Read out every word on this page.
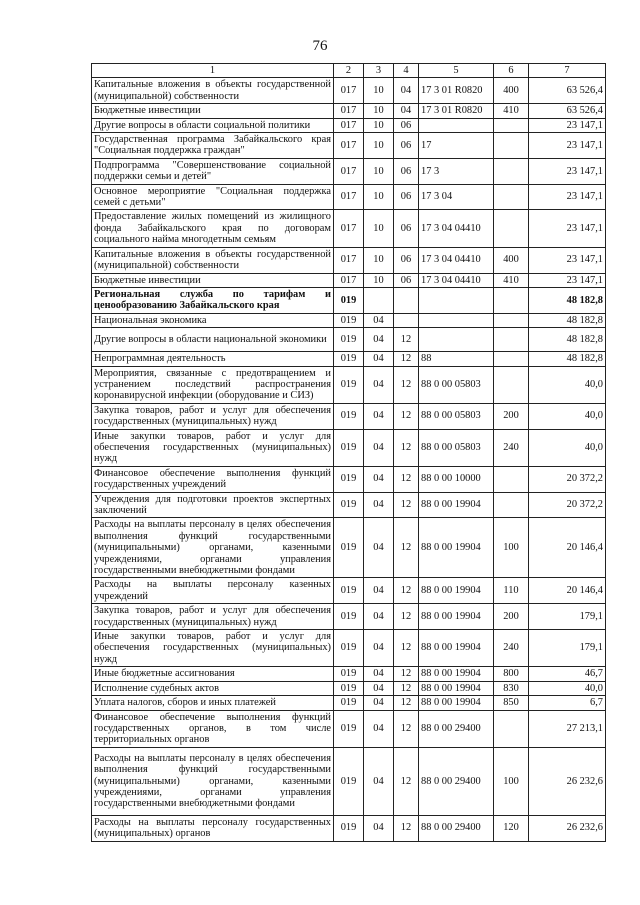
76
1	2	3	4	5	6	7
Капитальные вложения в объекты государственной (муниципальной) собственности	017	10	04	17 3 01 R0820	400	63 526,4
Бюджетные инвестиции	017	10	04	17 3 01 R0820	410	63 526,4
Другие вопросы в области социальной политики	017	10	06			23 147,1
Государственная программа Забайкальского края "Социальная поддержка граждан"	017	10	06	17		23 147,1
Подпрограмма "Совершенствование социальной поддержки семьи и детей"	017	10	06	17 3		23 147,1
Основное мероприятие "Социальная поддержка семей с детьми"	017	10	06	17 3 04		23 147,1
Предоставление жилых помещений из жилищного фонда Забайкальского края по договорам социального найма многодетным семьям	017	10	06	17 3 04 04410		23 147,1
Капитальные вложения в объекты государственной (муниципальной) собственности	017	10	06	17 3 04 04410	400	23 147,1
Бюджетные инвестиции	017	10	06	17 3 04 04410	410	23 147,1
Региональная служба по тарифам и ценообразованию Забайкальского края	019					48 182,8
Национальная экономика	019	04				48 182,8
Другие вопросы в области национальной экономики	019	04	12			48 182,8
Непрограммная деятельность	019	04	12	88		48 182,8
Мероприятия, связанные с предотвращением и устранением последствий распространения коронавирусной инфекции (оборудование и СИЗ)	019	04	12	88 0 00 05803		40,0
Закупка товаров, работ и услуг для обеспечения государственных (муниципальных) нужд	019	04	12	88 0 00 05803	200	40,0
Иные закупки товаров, работ и услуг для обеспечения государственных (муниципальных) нужд	019	04	12	88 0 00 05803	240	40,0
Финансовое обеспечение выполнения функций государственных учреждений	019	04	12	88 0 00 10000		20 372,2
Учреждения для подготовки проектов экспертных заключений	019	04	12	88 0 00 19904		20 372,2
Расходы на выплаты персоналу в целях обеспечения выполнения функций государственными (муниципальными) органами, казенными учреждениями, органами управления государственными внебюджетными фондами	019	04	12	88 0 00 19904	100	20 146,4
Расходы на выплаты персоналу казенных учреждений	019	04	12	88 0 00 19904	110	20 146,4
Закупка товаров, работ и услуг для обеспечения государственных (муниципальных) нужд	019	04	12	88 0 00 19904	200	179,1
Иные закупки товаров, работ и услуг для обеспечения государственных (муниципальных) нужд	019	04	12	88 0 00 19904	240	179,1
Иные бюджетные ассигнования	019	04	12	88 0 00 19904	800	46,7
Исполнение судебных актов	019	04	12	88 0 00 19904	830	40,0
Уплата налогов, сборов и иных платежей	019	04	12	88 0 00 19904	850	6,7
Финансовое обеспечение выполнения функций государственных органов, в том числе территориальных органов	019	04	12	88 0 00 29400		27 213,1
Расходы на выплаты персоналу в целях обеспечения выполнения функций государственными (муниципальными) органами, казенными учреждениями, органами управления государственными внебюджетными фондами	019	04	12	88 0 00 29400	100	26 232,6
Расходы на выплаты персоналу государственных (муниципальных) органов	019	04	12	88 0 00 29400	120	26 232,6
